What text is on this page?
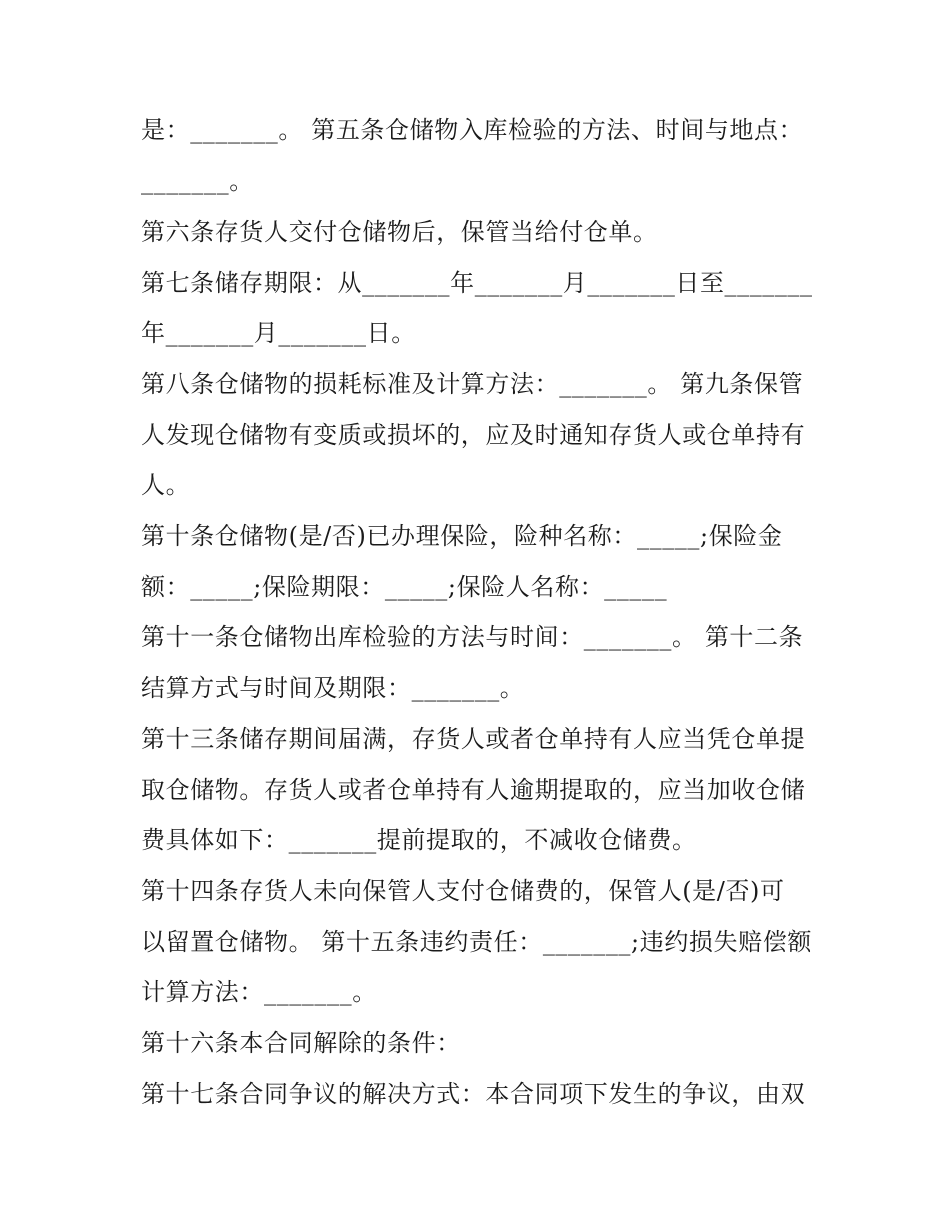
是：_______。 第五条仓储物入库检验的方法、时间与地点：
_______。
第六条存货人交付仓储物后，保管当给付仓单。
第七条储存期限：从_______年_______月_______日至_______
年_______月_______日。
第八条仓储物的损耗标准及计算方法：_______。 第九条保管
人发现仓储物有变质或损坏的，应及时通知存货人或仓单持有
人。
第十条仓储物(是/否)已办理保险，险种名称：_____;保险金
额：_____;保险期限：_____;保险人名称：_____
第十一条仓储物出库检验的方法与时间：_______。 第十二条
结算方式与时间及期限：_______。
第十三条储存期间届满，存货人或者仓单持有人应当凭仓单提
取仓储物。存货人或者仓单持有人逾期提取的，应当加收仓储
费具体如下：_______提前提取的，不减收仓储费。
第十四条存货人未向保管人支付仓储费的，保管人(是/否)可
以留置仓储物。 第十五条违约责任：_______;违约损失赔偿额
计算方法：_______。
第十六条本合同解除的条件：
第十七条合同争议的解决方式：本合同项下发生的争议，由双
